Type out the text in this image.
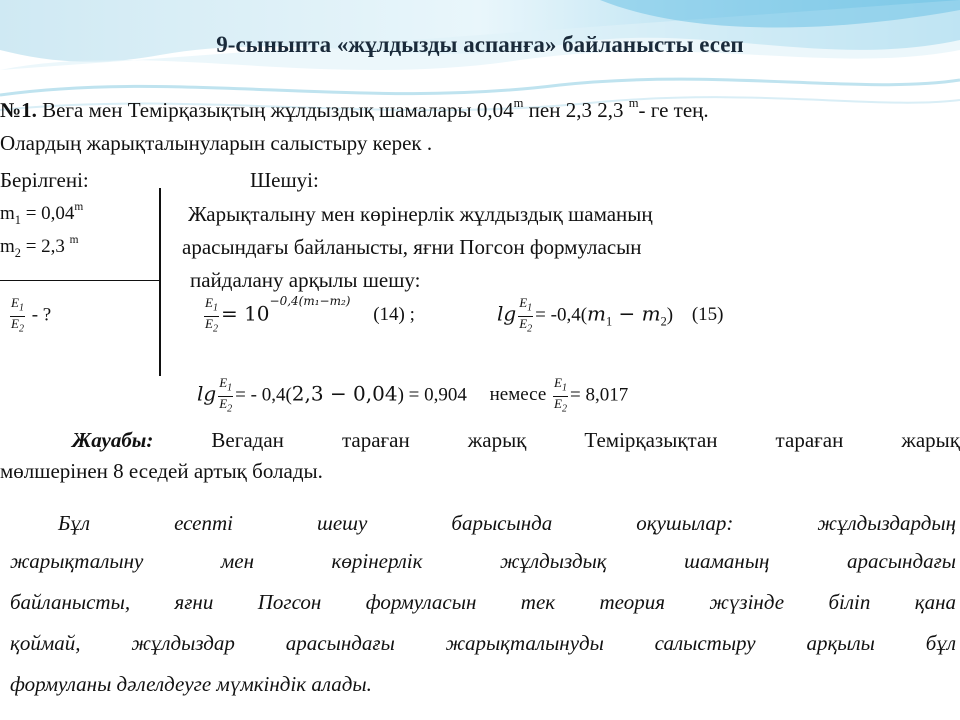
9-сыныпта «жұлдызды аспанға» байланысты есеп
№1. Вега мен Темірқазықтың жұлдыздық шамалары 0,04$^m$ пен 2,3 2,3 $^m$- ге тең.
Олардың жарықталынуларын салыстыру керек .
Берілгені:	Шешуі:
$m_1 = 0,04^m$
$m_2 = 2,3$ $^m$
Жарықталыну мен көрінерлік жұлдыздық шаманың
арасындағы байланысты, яғни Погсон формуласын
пайдалану арқылы шешу:
$\frac{E_1}{E_2}$ - ?	$\frac{E_1}{E_2} = 10^{-0,4(m_1-m_2)}$ (14) ;	$\lg \frac{E_1}{E_2} = -0,4(m_1 - m_2)$ (15)
$\lg \frac{E_1}{E_2}$ = - 0,4(2,3 − 0,04) = 0,904 немесе $\frac{E_1}{E_2} = 8,017$
Жауабы: Вегадан тараған жарық Темірқазықтан тараған жарық
мөлшерінен 8 еседей артық болады.
Бұл есепті шешу барысында оқушылар: жұлдыздардың
жарықталыну мен көрінерлік жұлдыздық шаманың арасындағы
байланысты, яғни Погсон формуласын тек теория жүзінде біліп қана
қоймай, жұлдыздар арасындағы жарықталынуды салыстыру арқылы бұл
формуланы дәлелдеуге мүмкіндік алады.
